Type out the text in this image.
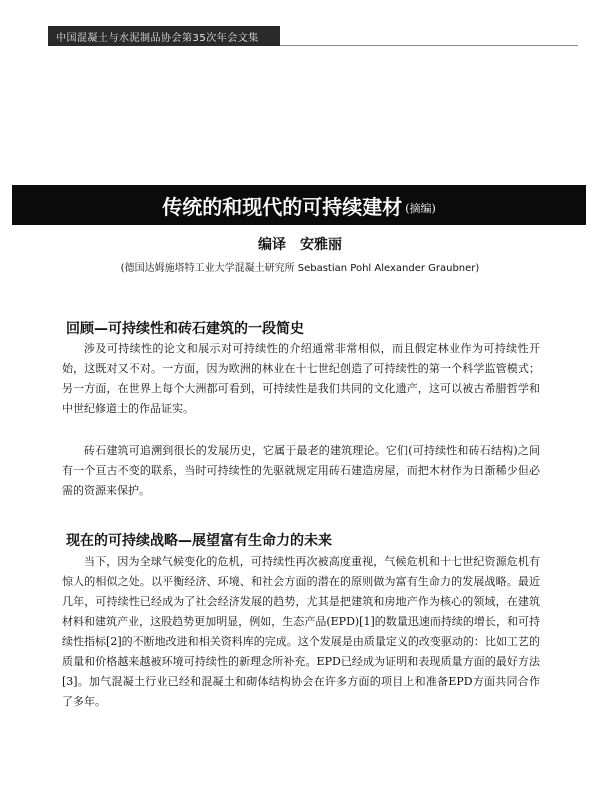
中国混凝土与水泥制品协会第35次年会文集
传统的和现代的可持续建材 (摘编)
编译　安雅丽
(德国达姆施塔特工业大学混凝土研究所 Sebastian Pohl Alexander Graubner)
回顾—可持续性和砖石建筑的一段简史

涉及可持续性的论文和展示对可持续性的介绍通常非常相似，而且假定林业作为可持续性开始，这既对又不对。一方面，因为欧洲的林业在十七世纪创造了可持续性的第一个科学监管模式；另一方面，在世界上每个大洲都可看到，可持续性是我们共同的文化遗产，这可以被古希腊哲学和中世纪修道士的作品证实。

砖石建筑可追溯到很长的发展历史，它属于最老的建筑理论。它们(可持续性和砖石结构)之间有一个亘古不变的联系，当时可持续性的先驱就规定用砖石建造房屋，而把木材作为日渐稀少但必需的资源来保护。

现在的可持续战略—展望富有生命力的未来

当下，因为全球气候变化的危机，可持续性再次被高度重视，气候危机和十七世纪资源危机有惊人的相似之处。以平衡经济、环境、和社会方面的潜在的原则做为富有生命力的发展战略。最近几年，可持续性已经成为了社会经济发展的趋势，尤其是把建筑和房地产作为核心的领域，在建筑材料和建筑产业，这股趋势更加明显，例如，生态产品(EPD)[1]的数量迅速而持续的增长，和可持续性指标[2]的不断地改进和相关资料库的完成。这个发展是由质量定义的改变驱动的：比如工艺的质量和价格越来越被环境可持续性的新理念所补充。EPD已经成为证明和表现质量方面的最好方法[3]。加气混凝土行业已经和混凝土和砌体结构协会在许多方面的项目上和准备EPD方面共同合作了多年。
